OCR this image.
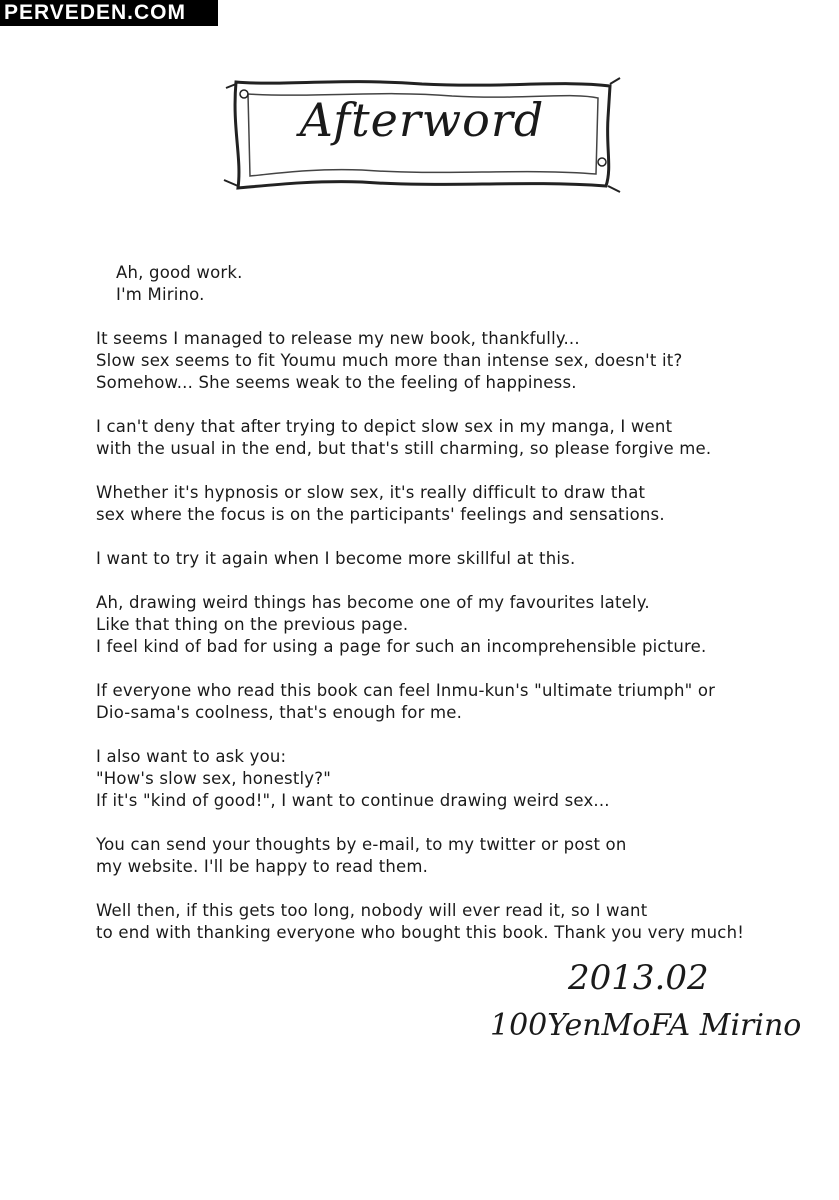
PERVEDEN.COM
Afterword
Ah, good work.
I'm Mirino.
It seems I managed to release my new book, thankfully...
Slow sex seems to fit Youmu much more than intense sex, doesn't it?
Somehow... She seems weak to the feeling of happiness.
I can't deny that after trying to depict slow sex in my manga, I went
with the usual in the end, but that's still charming, so please forgive me.
Whether it's hypnosis or slow sex, it's really difficult to draw that
sex where the focus is on the participants' feelings and sensations.
I want to try it again when I become more skillful at this.
Ah, drawing weird things has become one of my favourites lately.
Like that thing on the previous page.
I feel kind of bad for using a page for such an incomprehensible picture.
If everyone who read this book can feel Inmu-kun's "ultimate triumph" or
Dio-sama's coolness, that's enough for me.
I also want to ask you:
"How's slow sex, honestly?"
If it's "kind of good!", I want to continue drawing weird sex...
You can send your thoughts by e-mail, to my twitter or post on
my website. I'll be happy to read them.
Well then, if this gets too long, nobody will ever read it, so I want
to end with thanking everyone who bought this book. Thank you very much!
2013.02
100YenMoFA Mirino
